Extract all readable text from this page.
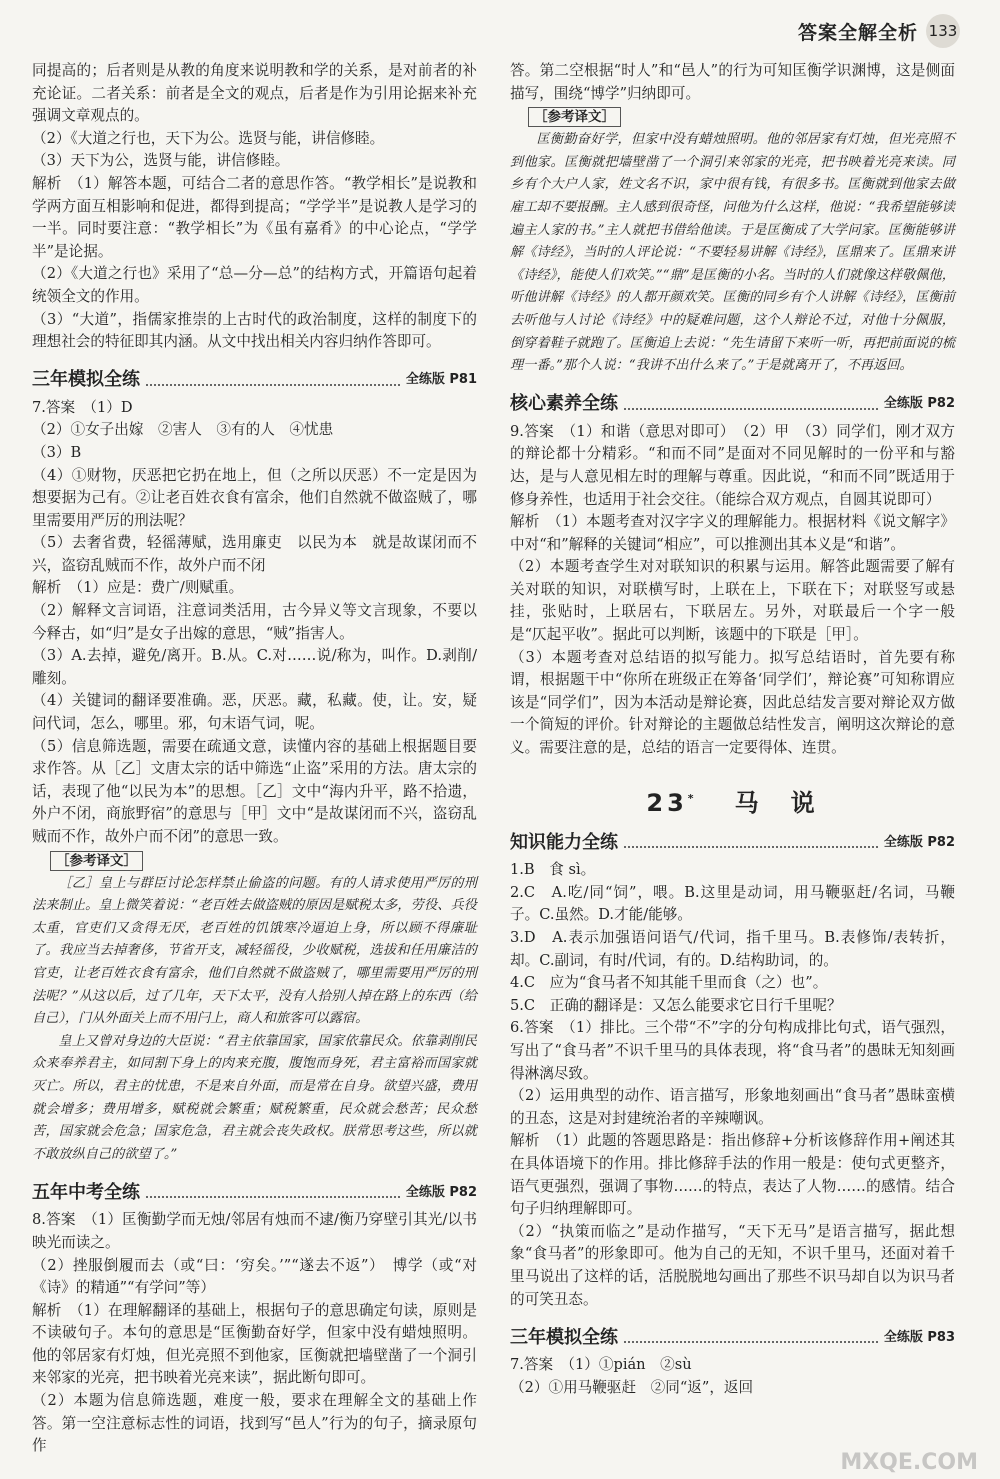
答案全解全析 133

同提高的；后者则是从教的角度来说明教和学的关系，是对前者的补充论证。二者关系：前者是全文的观点，后者是作为引用论据来补充强调文章观点的。

（2）《大道之行也，天下为公。选贤与能，讲信修睦。

（3）天下为公，选贤与能，讲信修睦。

解析　（1）解答本题，可结合二者的意思作答。“教学相长”是说教和学两方面互相影响和促进，都得到提高；“学学半”是说教人是学习的一半。同时要注意：“教学相长”为《虽有嘉肴》的中心论点，“学学半”是论据。

（2）《大道之行也》采用了“总—分—总”的结构方式，开篇语句起着统领全文的作用。

（3）“大道”，指儒家推崇的上古时代的政治制度，这样的制度下的理想社会的特征即其内涵。从文中找出相关内容归纳作答即可。

三年模拟全练	全练版 P81

7.答案　（1）D

（2）①女子出嫁　②害人　③有的人　④忧患

（3）B

（4）①财物，厌恶把它扔在地上，但（之所以厌恶）不一定是因为想要据为己有。②让老百姓衣食有富余，他们自然就不做盗贼了，哪里需要用严厉的刑法呢？

（5）去奢省费，轻徭薄赋，选用廉吏　以民为本　就是故谋闭而不兴，盗窃乱贼而不作，故外户而不闭

解析　（1）应是：费广/则赋重。

（2）解释文言词语，注意词类活用，古今异义等文言现象，不要以今释古，如“归”是女子出嫁的意思，“贼”指害人。

（3）A.去掉，避免/离开。B.从。C.对……说/称为，叫作。D.剥削/雕刻。

（4）关键词的翻译要准确。恶，厌恶。藏，私藏。使，让。安，疑问代词，怎么，哪里。邪，句末语气词，呢。

（5）信息筛选题，需要在疏通文意，读懂内容的基础上根据题目要求作答。从［乙］文唐太宗的话中筛选“止盗”采用的方法。唐太宗的话，表现了他“以民为本”的思想。［乙］文中“海内升平，路不拾遗，外户不闭，商旅野宿”的意思与［甲］文中“是故谋闭而不兴，盗窃乱贼而不作，故外户而不闭”的意思一致。

［参考译文］

［乙］皇上与群臣讨论怎样禁止偷盗的问题。有的人请求使用严厉的刑法来制止。皇上微笑着说：“老百姓去做盗贼的原因是赋税太多，劳役、兵役太重，官吏们又贪得无厌，老百姓的饥饿寒冷逼迫上身，所以顾不得廉耻了。我应当去掉奢侈，节省开支，减轻徭役，少收赋税，选拔和任用廉洁的官吏，让老百姓衣食有富余，他们自然就不做盗贼了，哪里需要用严厉的刑法呢？”从这以后，过了几年，天下太平，没有人拾别人掉在路上的东西（给自己），门从外面关上而不用闩上，商人和旅客可以露宿。

皇上又曾对身边的大臣说：“君主依靠国家，国家依靠民众。依靠剥削民众来奉养君主，如同割下身上的肉来充腹，腹饱而身死，君主富裕而国家就灭亡。所以，君主的忧患，不是来自外面，而是常在自身。欲望兴盛，费用就会增多；费用增多，赋税就会繁重；赋税繁重，民众就会愁苦；民众愁苦，国家就会危急；国家危急，君主就会丧失政权。朕常思考这些，所以就不敢放纵自己的欲望了。”

五年中考全练	全练版 P82

8.答案　（1）匡衡勤学而无烛/邻居有烛而不逮/衡乃穿壁引其光/以书映光而读之。

（2）挫服倒履而去（或“曰：‘穷矣。’”“遂去不返”）　博学（或“对《诗》的精通”“有学问”等）

解析　（1）在理解翻译的基础上，根据句子的意思确定句读，原则是不读破句子。本句的意思是“匡衡勤奋好学，但家中没有蜡烛照明。他的邻居家有灯烛，但光亮照不到他家，匡衡就把墙壁凿了一个洞引来邻家的光亮，把书映着光亮来读”，据此断句即可。

（2）本题为信息筛选题，难度一般，要求在理解全文的基础上作答。第一空注意标志性的词语，找到写“邑人”行为的句子，摘录原句作

答。第二空根据“时人”和“邑人”的行为可知匡衡学识渊博，这是侧面描写，围绕“博学”归纳即可。

［参考译文］

匡衡勤奋好学，但家中没有蜡烛照明。他的邻居家有灯烛，但光亮照不到他家。匡衡就把墙壁凿了一个洞引来邻家的光亮，把书映着光亮来读。同乡有个大户人家，姓文名不识，家中很有钱，有很多书。匡衡就到他家去做雇工却不要报酬。主人感到很奇怪，问他为什么这样，他说：“我希望能够读遍主人家的书。”主人就把书借给他读。于是匡衡成了大学问家。匡衡能够讲解《诗经》，当时的人评论说：“不要轻易讲解《诗经》，匡鼎来了。匡鼎来讲《诗经》，能使人们欢笑。”“鼎”是匡衡的小名。当时的人们就像这样敬佩他，听他讲解《诗经》的人都开颜欢笑。匡衡的同乡有个人讲解《诗经》，匡衡前去听他与人讨论《诗经》中的疑难问题，这个人辩论不过，对他十分佩服，倒穿着鞋子就跑了。匡衡追上去说：“先生请留下来听一听，再把前面说的梳理一番。”那个人说：“我讲不出什么来了。”于是就离开了，不再返回。

核心素养全练	全练版 P82

9.答案　（1）和谐（意思对即可）　（2）甲　（3）同学们，刚才双方的辩论都十分精彩。“和而不同”是面对不同见解时的一份平和与豁达，是与人意见相左时的理解与尊重。因此说，“和而不同”既适用于修身养性，也适用于社会交往。（能综合双方观点，自圆其说即可）

解析　（1）本题考查对汉字字义的理解能力。根据材料《说文解字》中对“和”解释的关键词“相应”，可以推测出其本义是“和谐”。

（2）本题考查学生对对联知识的积累与运用。解答此题需要了解有关对联的知识，对联横写时，上联在上，下联在下；对联竖写或悬挂，张贴时，上联居右，下联居左。另外，对联最后一个字一般是“仄起平收”。据此可以判断，该题中的下联是［甲］。

（3）本题考查对总结语的拟写能力。拟写总结语时，首先要有称谓，根据题干中“你所在班级正在筹备‘同学们’，辩论赛”可知称谓应该是“同学们”，因为本活动是辩论赛，因此总结发言要对辩论双方做一个简短的评价。针对辩论的主题做总结性发言，阐明这次辩论的意义。需要注意的是，总结的语言一定要得体、连贯。

23* 马　说
知识能力全练	全练版 P82

1.B　食 sì。

2.C　A.吃/同“饲”，喂。B.这里是动词，用马鞭驱赶/名词，马鞭子。C.虽然。D.才能/能够。

3.D　A.表示加强语问语气/代词，指千里马。B.表修饰/表转折，却。C.副词，有时/代词，有的。D.结构助词，的。

4.C　应为“食马者不知其能千里而食（之）也”。

5.C　正确的翻译是：又怎么能要求它日行千里呢？

6.答案　（1）排比。三个带“不”字的分句构成排比句式，语气强烈，写出了“食马者”不识千里马的具体表现，将“食马者”的愚昧无知刻画得淋漓尽致。

（2）运用典型的动作、语言描写，形象地刻画出“食马者”愚昧蛮横的丑态，这是对封建统治者的辛辣嘲讽。

解析　（1）此题的答题思路是：指出修辞+分析该修辞作用+阐述其在具体语境下的作用。排比修辞手法的作用一般是：使句式更整齐，语气更强烈，强调了事物……的特点，表达了人物……的感情。结合句子归纳理解即可。

（2）“执策而临之”是动作描写，“天下无马”是语言描写，据此想象“食马者”的形象即可。他为自己的无知，不识千里马，还面对着千里马说出了这样的话，活脱脱地勾画出了那些不识马却自以为识马者的可笑丑态。

三年模拟全练	全练版 P83

7.答案　（1）①pián　②sù

（2）①用马鞭驱赶　②同“返”，返回

MXQE.COM
